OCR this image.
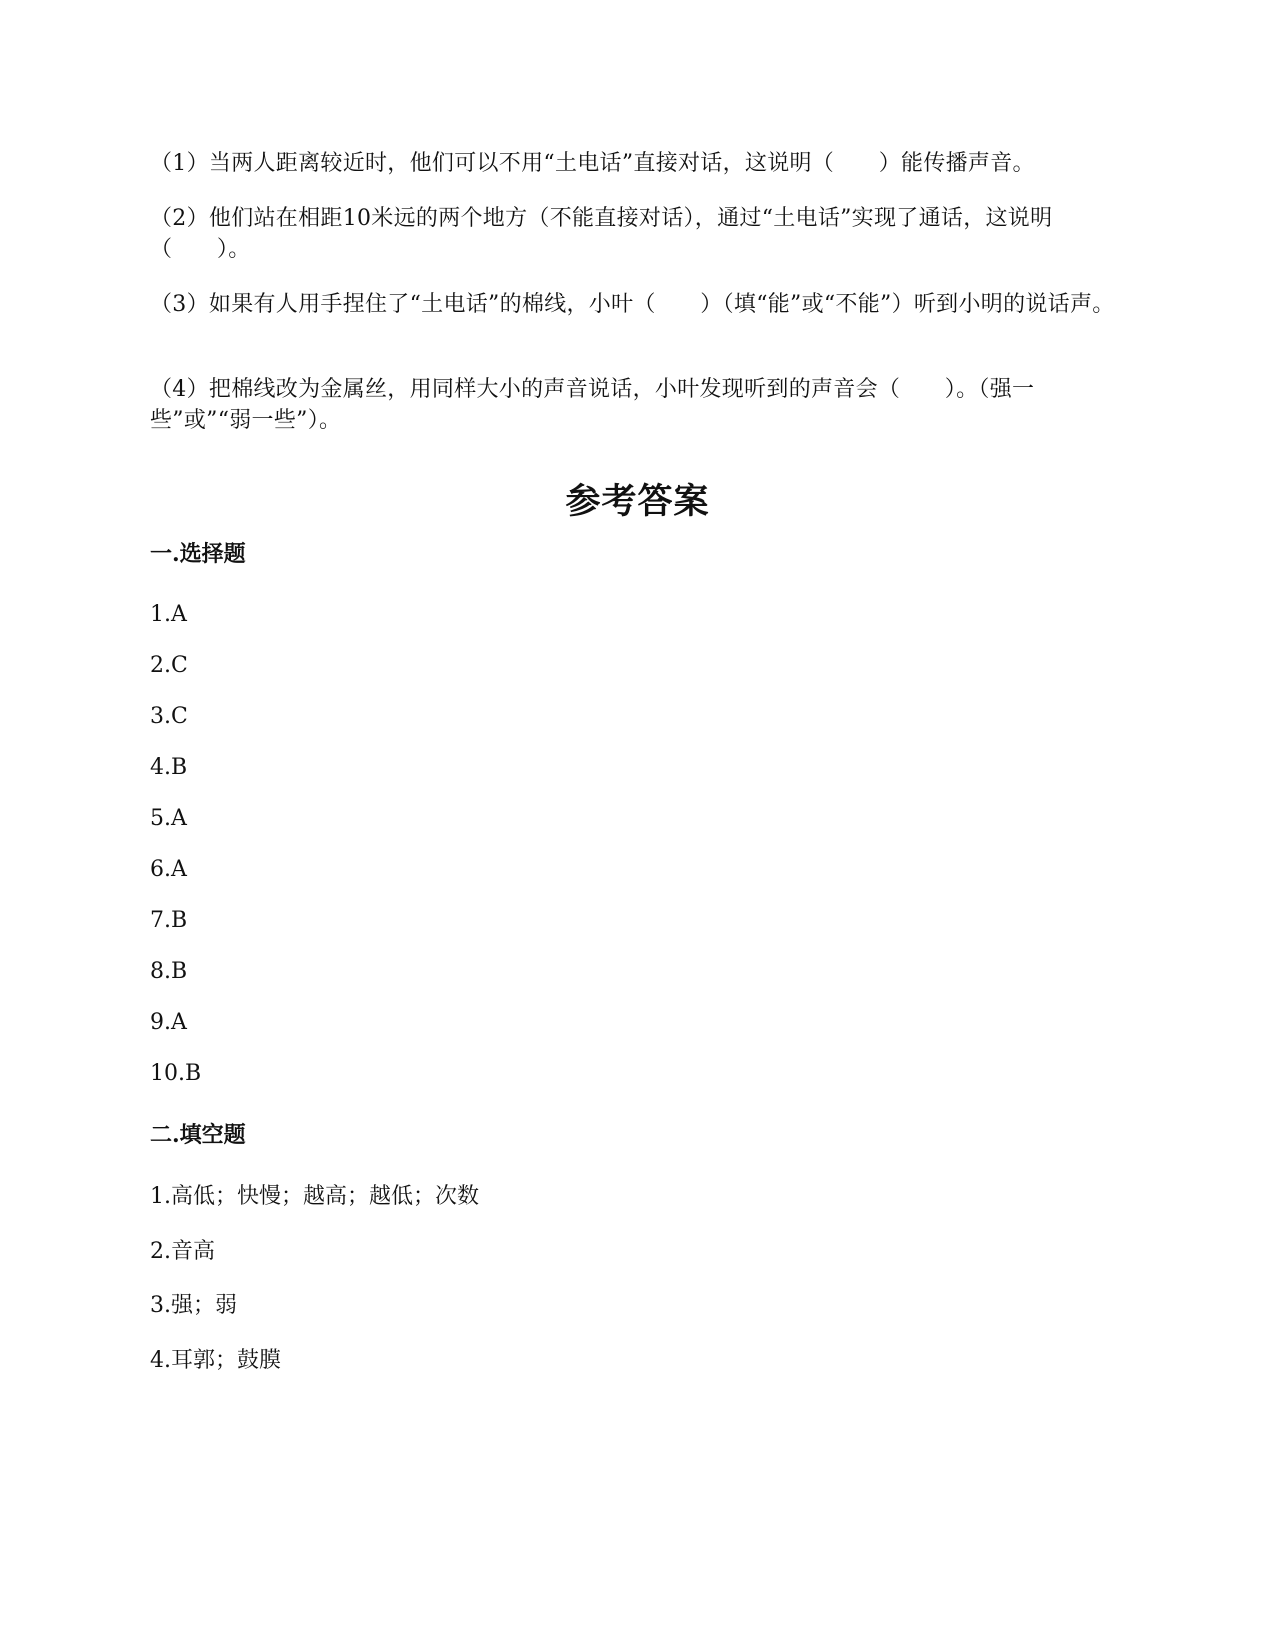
（1）当两人距离较近时，他们可以不用“土电话”直接对话，这说明（　　）能传播声音。
（2）他们站在相距10米远的两个地方（不能直接对话），通过“土电话”实现了通话，这说明（　　）。
（3）如果有人用手捏住了“土电话”的棉线，小叶（　　）（填“能”或“不能”）听到小明的说话声。
（4）把棉线改为金属丝，用同样大小的声音说话，小叶发现听到的声音会（　　）。（强一些”或”“弱一些”）。
参考答案
一.选择题
1.A
2.C
3.C
4.B
5.A
6.A
7.B
8.B
9.A
10.B
二.填空题
1.高低；快慢；越高；越低；次数
2.音高
3.强；弱
4.耳郭；鼓膜
